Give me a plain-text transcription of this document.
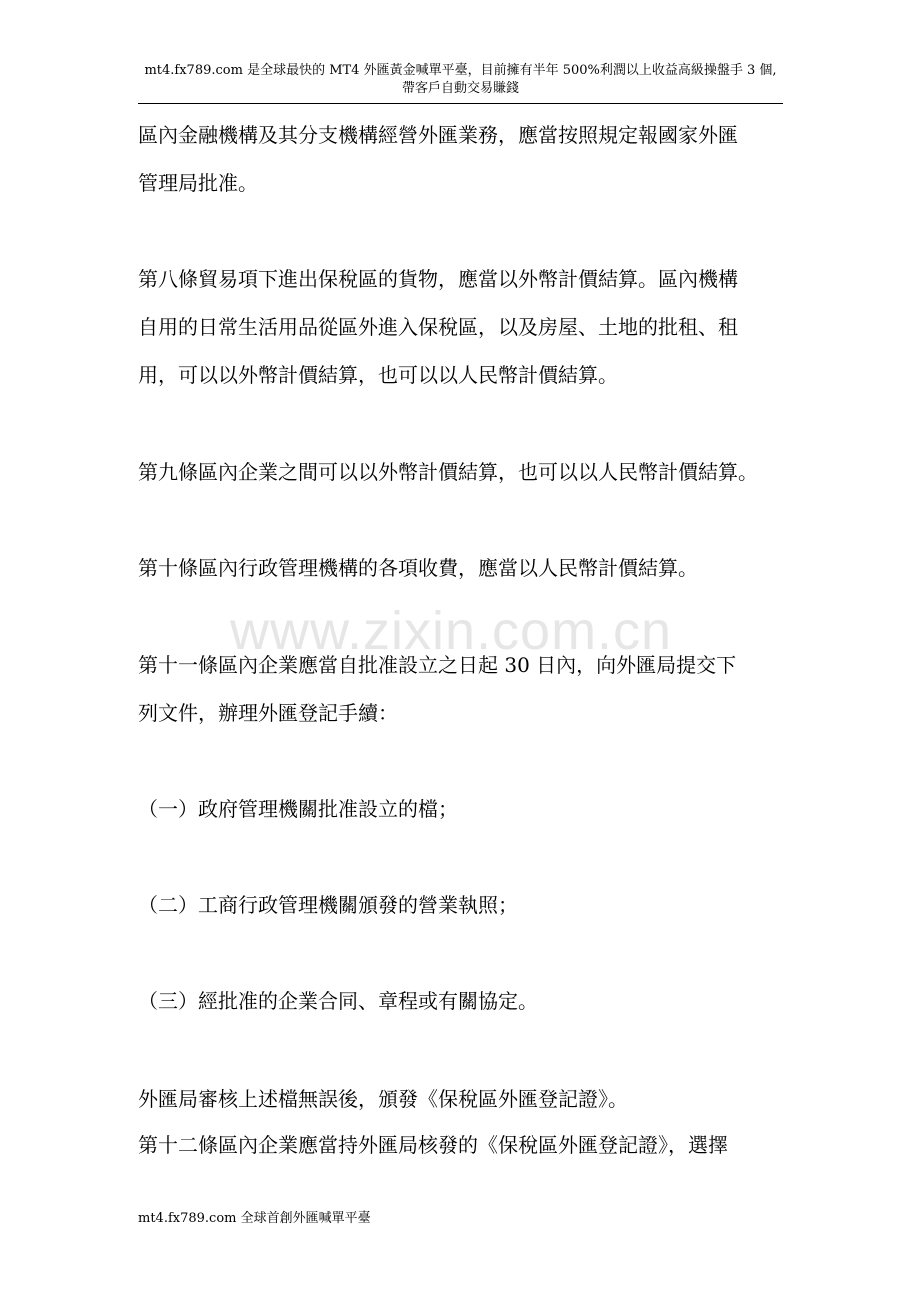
mt4.fx789.com 是全球最快的 MT4 外匯黃金喊單平臺，目前擁有半年 500%利潤以上收益高級操盤手 3 個,
帶客戶自動交易賺錢
www.zixin.com.cn
區內金融機構及其分支機構經營外匯業務，應當按照規定報國家外匯
管理局批准。
第八條貿易項下進出保稅區的貨物，應當以外幣計價結算。區內機構
自用的日常生活用品從區外進入保稅區，以及房屋、土地的批租、租
用，可以以外幣計價結算，也可以以人民幣計價結算。
第九條區內企業之間可以以外幣計價結算，也可以以人民幣計價結算。
第十條區內行政管理機構的各項收費，應當以人民幣計價結算。
第十一條區內企業應當自批准設立之日起 30 日內，向外匯局提交下
列文件，辦理外匯登記手續：
（一）政府管理機關批准設立的檔；
（二）工商行政管理機關頒發的營業執照；
（三）經批准的企業合同、章程或有關協定。
外匯局審核上述檔無誤後，頒發《保稅區外匯登記證》。
第十二條區內企業應當持外匯局核發的《保稅區外匯登記證》，選擇
mt4.fx789.com 全球首創外匯喊單平臺
